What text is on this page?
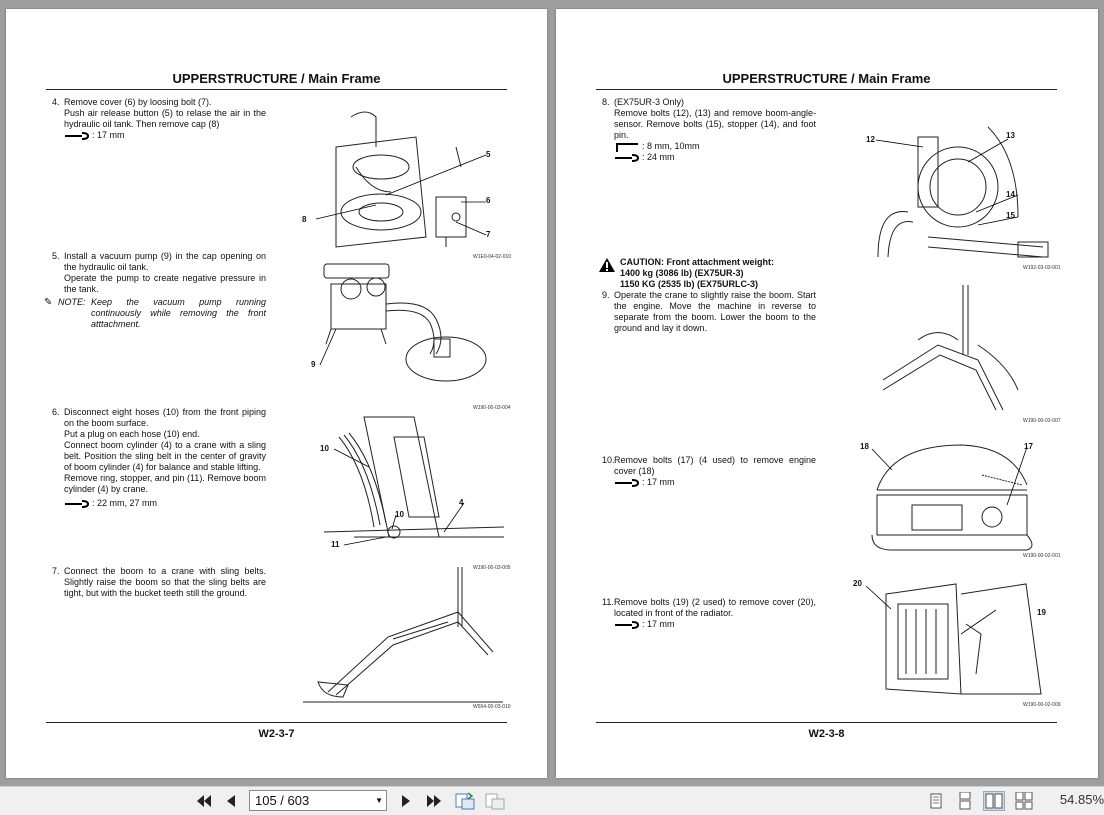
UPPERSTRUCTURE / Main Frame
4. Remove cover (6) by loosing bolt (7).

Push air release button (5) to relase the air in the hydraulic oil tank. Then remove cap (8)

: 17 mm
5
6
7
8
W1E0-04-02-010
5. Install a vacuum pump (9) in the cap opening on the hydraulic oil tank.

Operate the pump to create negative pressure in the tank.

✎ NOTE: Keep the vacuum pump running continuously while removing the front atttachment.

9
W190-00-03-004
6. Disconnect eight hoses (10) from the front piping on the boom surface.

Put a plug on each hose (10) end.

Connect boom cylinder (4) to a crane with a sling belt. Position the sling belt in the center of gravity of boom cylinder (4) for balance and stable lifting.

Remove ring, stopper, and pin (11). Remove boom cylinder (4) by crane.

: 22 mm, 27 mm
10
4
10
11
W190-00-03-005
7. Connect the boom to a crane with sling belts. Slightly raise the boom so that the sling belts are tight, but with the bucket teeth still the ground.

W554-00-03-010
W2-3-7
UPPERSTRUCTURE / Main Frame
8. (EX75UR-3 Only)

Remove bolts (12), (13) and remove boom-angle-sensor. Remove bolts (15), stopper (14), and foot pin.

: 8 mm, 10mm
: 24 mm
12	13
14
15
W192-03-03-001
CAUTION: Front attachment weight:
1400 kg (3086 lb) (EX75UR-3)
1150 KG (2535 lb) (EX75URLC-3)
9. Operate the crane to slightly raise the boom. Start the engine. Move the machine in reverse to separate from the boom. Lower the boom to the ground and lay it down.

W190-00-03-007
10. Remove bolts (17) (4 used) to remove engine cover (18)

: 17 mm
18	17
W190-00-02-001
11. Remove bolts (19) (2 used) to remove cover (20), located in front of the radiator.

: 17 mm
20
19
W190-00-02-009
W2-3-8
105 / 603	▼	54.85%
